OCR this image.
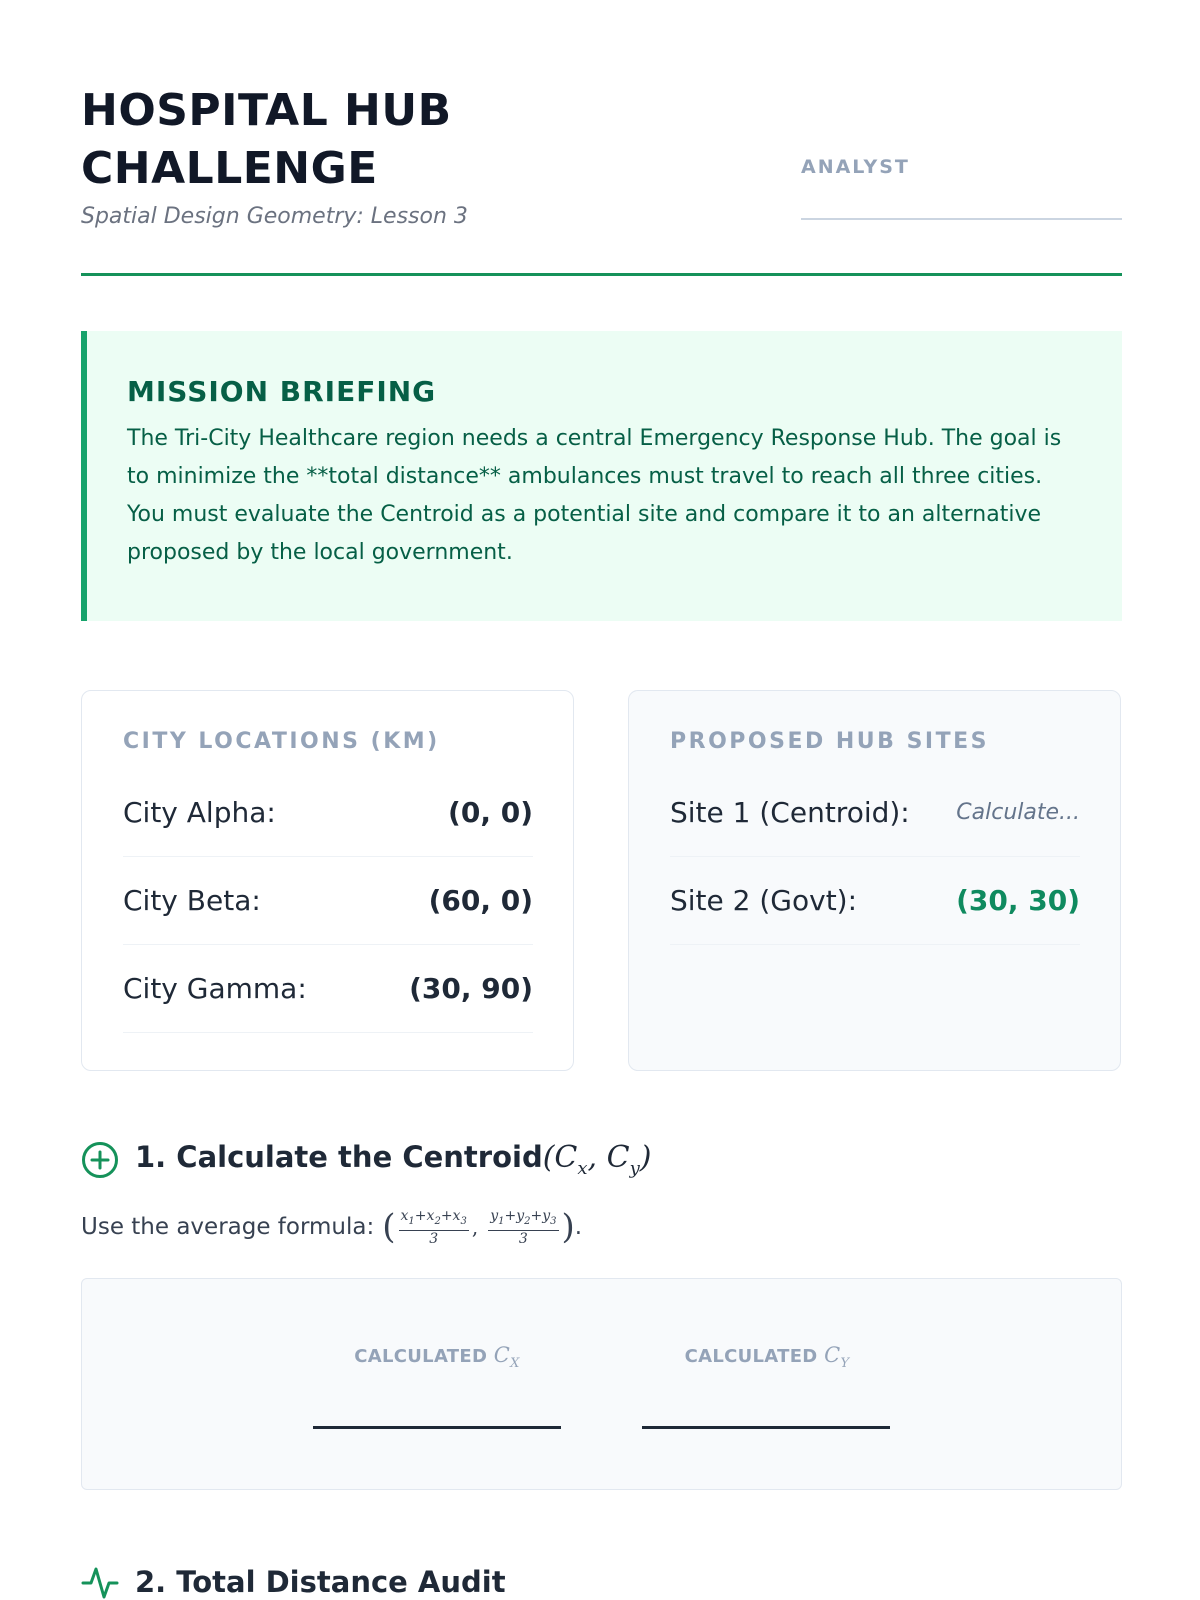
HOSPITAL HUB
CHALLENGE
Spatial Design Geometry: Lesson 3
ANALYST
MISSION BRIEFING
The Tri-City Healthcare region needs a central Emergency Response Hub. The goal is to minimize the **total distance** ambulances must travel to reach all three cities. You must evaluate the Centroid as a potential site and compare it to an alternative proposed by the local government.
CITY LOCATIONS (KM)
City Alpha:	(0, 0)
City Beta:	(60, 0)
City Gamma:	(30, 90)
PROPOSED HUB SITES
Site 1 (Centroid): Calculate...
Site 2 (Govt):	(30, 30)
1. Calculate the $Centroid(C_x$, $C_y$)
Use the average formula: ( $\frac{x_1+x_2+x_3}{3}$ , $\frac{y_1+y_2+y_3}{3}$ ) .
CALCULATED $C_X$	CALCULATED $C_Y$
2. Total Distance Audit
